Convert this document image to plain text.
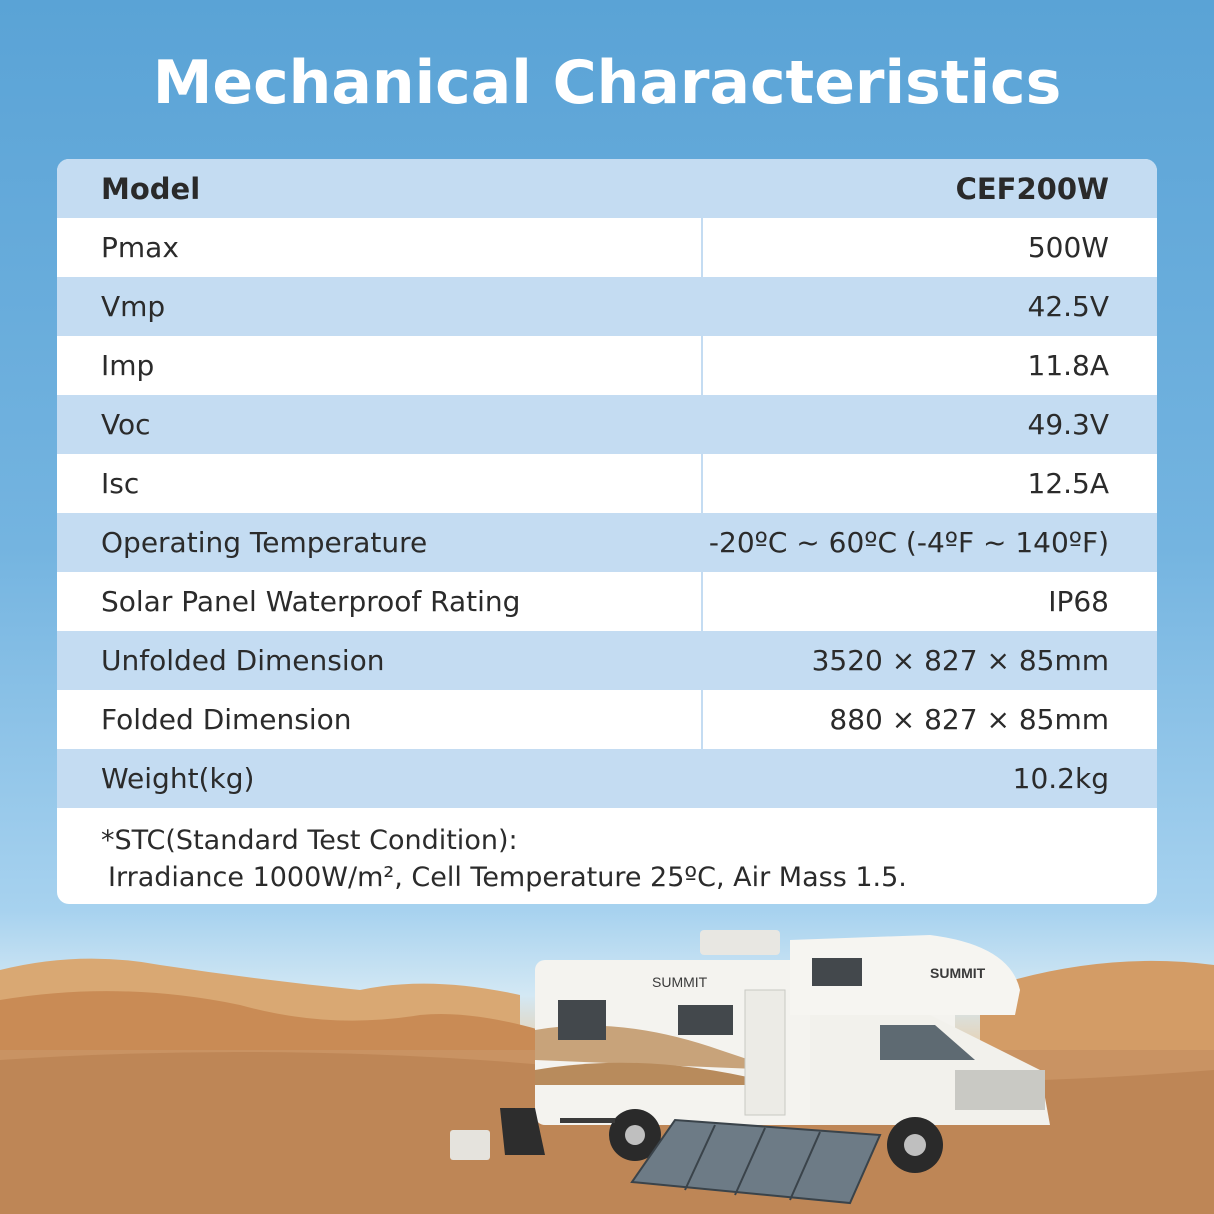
Mechanical Characteristics
Model	CEF200W
Pmax	500W
Vmp	42.5V
Imp	11.8A
Voc	49.3V
Isc	12.5A
Operating Temperature	-20ºC ~ 60ºC (-4ºF ~ 140ºF)
Solar Panel Waterproof Rating	IP68
Unfolded Dimension	3520 × 827 × 85mm
Folded Dimension	880 × 827 × 85mm
Weight(kg)	10.2kg
*STC(Standard Test Condition):
Irradiance 1000W/m², Cell Temperature 25ºC, Air Mass 1.5.
SUMMIT
SUMMIT
